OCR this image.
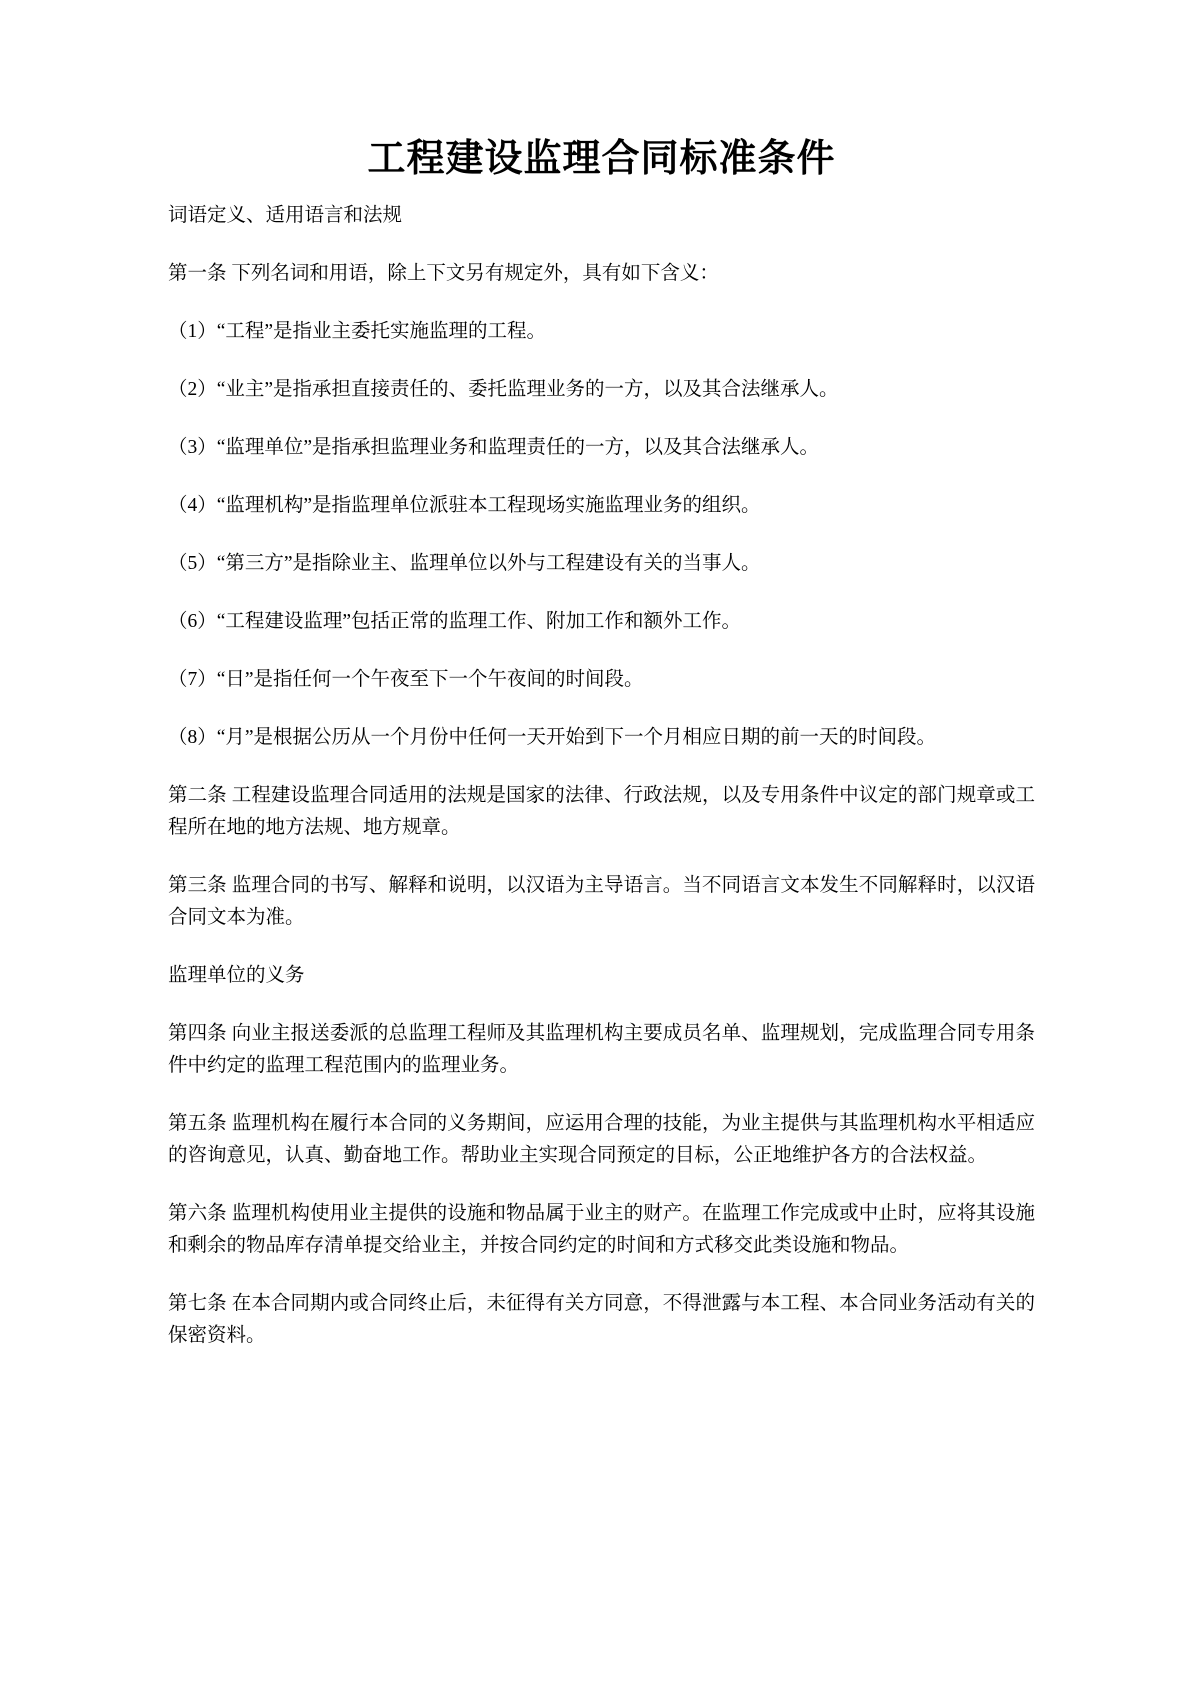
工程建设监理合同标准条件

词语定义、适用语言和法规

第一条 下列名词和用语，除上下文另有规定外，具有如下含义：

（1）“工程”是指业主委托实施监理的工程。

（2）“业主”是指承担直接责任的、委托监理业务的一方，以及其合法继承人。

（3）“监理单位”是指承担监理业务和监理责任的一方，以及其合法继承人。

（4）“监理机构”是指监理单位派驻本工程现场实施监理业务的组织。

（5）“第三方”是指除业主、监理单位以外与工程建设有关的当事人。

（6）“工程建设监理”包括正常的监理工作、附加工作和额外工作。

（7）“日”是指任何一个午夜至下一个午夜间的时间段。

（8）“月”是根据公历从一个月份中任何一天开始到下一个月相应日期的前一天的时间段。

第二条 工程建设监理合同适用的法规是国家的法律、行政法规，以及专用条件中议定的部门规章或工程所在地的地方法规、地方规章。

第三条 监理合同的书写、解释和说明，以汉语为主导语言。当不同语言文本发生不同解释时，以汉语合同文本为准。

监理单位的义务

第四条 向业主报送委派的总监理工程师及其监理机构主要成员名单、监理规划，完成监理合同专用条件中约定的监理工程范围内的监理业务。

第五条 监理机构在履行本合同的义务期间，应运用合理的技能，为业主提供与其监理机构水平相适应的咨询意见，认真、勤奋地工作。帮助业主实现合同预定的目标，公正地维护各方的合法权益。

第六条 监理机构使用业主提供的设施和物品属于业主的财产。在监理工作完成或中止时，应将其设施和剩余的物品库存清单提交给业主，并按合同约定的时间和方式移交此类设施和物品。

第七条 在本合同期内或合同终止后，未征得有关方同意，不得泄露与本工程、本合同业务活动有关的保密资料。
